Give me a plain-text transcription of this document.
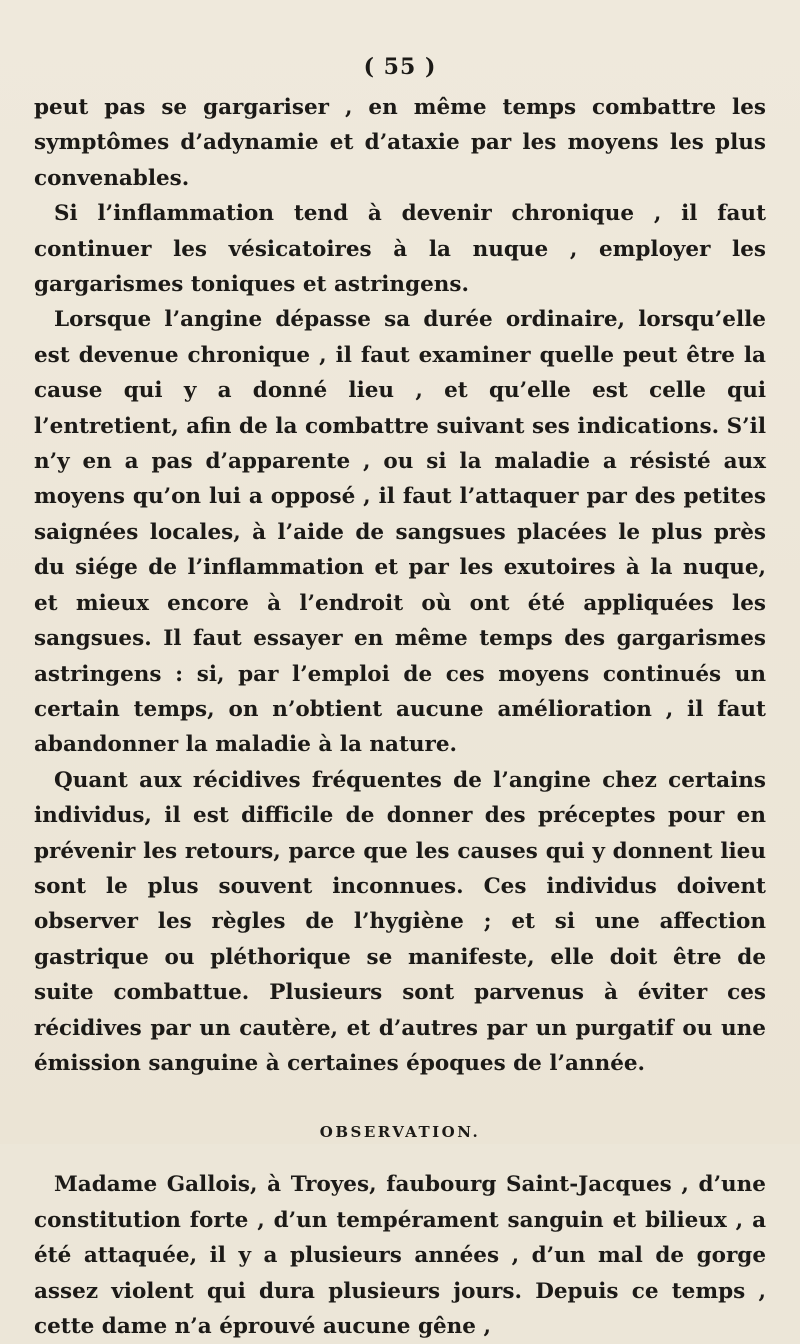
( 55 )

peut pas se gargariser , en même temps combattre les symptômes d’adynamie et d’ataxie par les moyens les plus convenables.

Si l’inflammation tend à devenir chronique , il faut continuer les vésicatoires à la nuque , employer les gargarismes toniques et astringens.

Lorsque l’angine dépasse sa durée ordinaire, lorsqu’elle est devenue chronique , il faut examiner quelle peut être la cause qui y a donné lieu , et qu’elle est celle qui l’entretient, afin de la combattre suivant ses indications. S’il n’y en a pas d’apparente , ou si la maladie a résisté aux moyens qu’on lui a opposé , il faut l’attaquer par des petites saignées locales, à l’aide de sangsues placées le plus près du siége de l’inflammation et par les exutoires à la nuque, et mieux encore à l’endroit où ont été appliquées les sangsues. Il faut essayer en même temps des gargarismes astringens : si, par l’emploi de ces moyens continués un certain temps, on n’obtient aucune amélioration , il faut abandonner la maladie à la nature.

Quant aux récidives fréquentes de l’angine chez certains individus, il est difficile de donner des préceptes pour en prévenir les retours, parce que les causes qui y donnent lieu sont le plus souvent inconnues. Ces individus doivent observer les règles de l’hygiène ; et si une affection gastrique ou pléthorique se manifeste, elle doit être de suite combattue. Plusieurs sont parvenus à éviter ces récidives par un cautère, et d’autres par un purgatif ou une émission sanguine à certaines époques de l’année.

OBSERVATION.

Madame Gallois, à Troyes, faubourg Saint-Jacques , d’une constitution forte , d’un tempérament sanguin et bilieux , a été attaquée, il y a plusieurs années , d’un mal de gorge assez violent qui dura plusieurs jours. Depuis ce temps , cette dame n’a éprouvé aucune gêne ,
